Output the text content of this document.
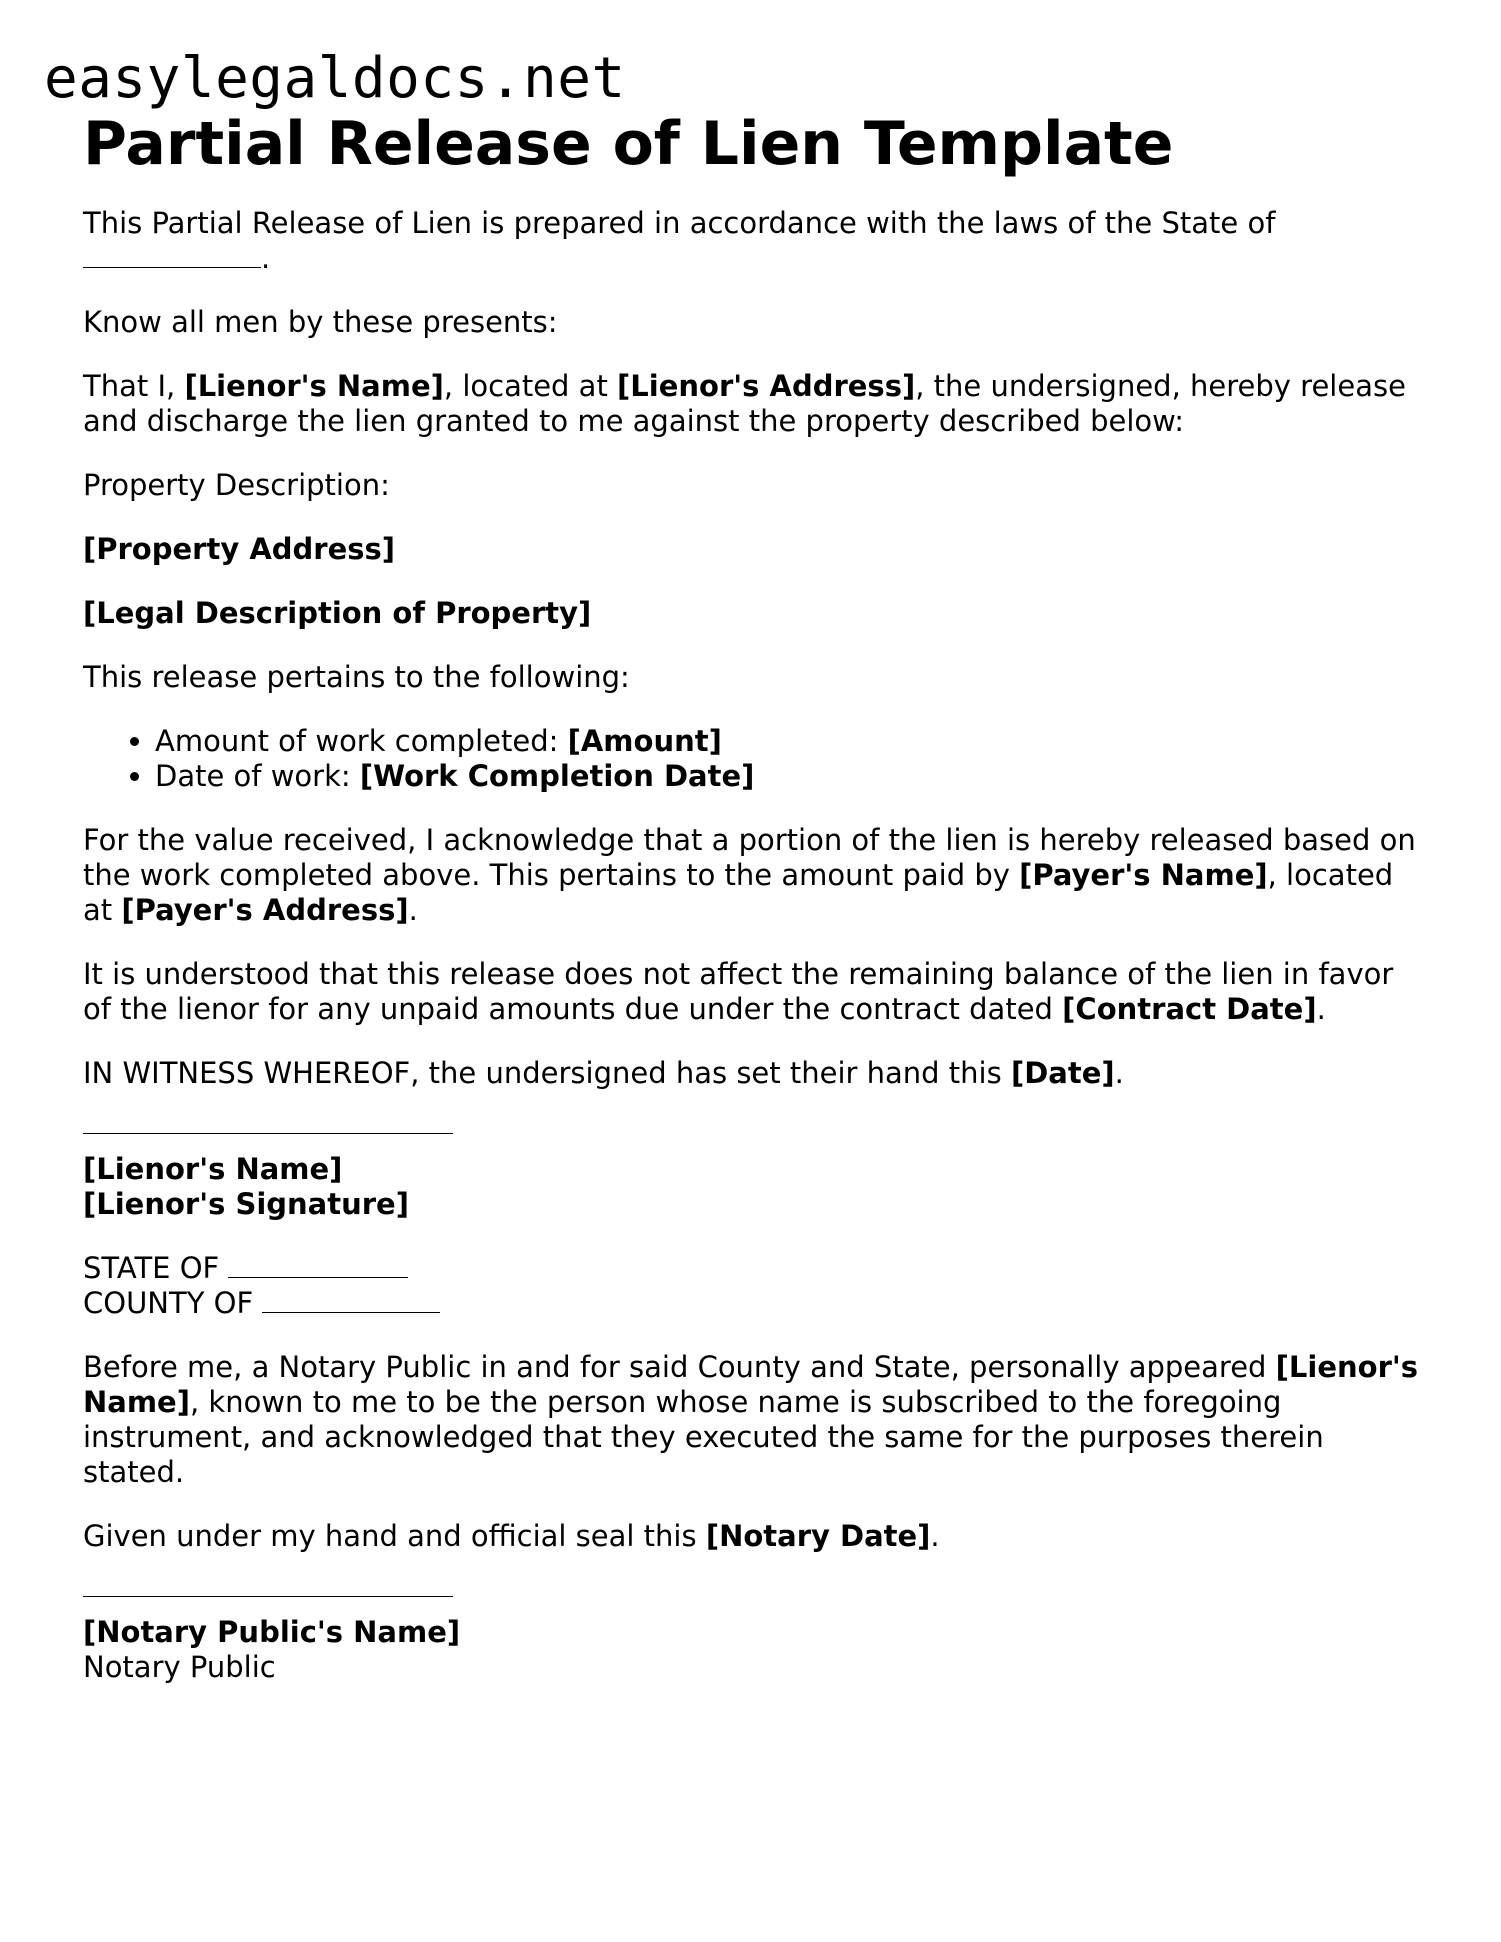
easylegaldocs.net
Partial Release of Lien Template

This Partial Release of Lien is prepared in accordance with the laws of the State of
.

Know all men by these presents:

That I, [Lienor's Name], located at [Lienor's Address], the undersigned, hereby release and discharge the lien granted to me against the property described below:

Property Description:

[Property Address]

[Legal Description of Property]

This release pertains to the following:

• Amount of work completed: [Amount]
• Date of work: [Work Completion Date]

For the value received, I acknowledge that a portion of the lien is hereby released based on the work completed above. This pertains to the amount paid by [Payer's Name], located at [Payer's Address].

It is understood that this release does not affect the remaining balance of the lien in favor of the lienor for any unpaid amounts due under the contract dated [Contract Date].

IN WITNESS WHEREOF, the undersigned has set their hand this [Date].

[Lienor's Name]
[Lienor's Signature]
STATE OF
COUNTY OF

Before me, a Notary Public in and for said County and State, personally appeared [Lienor's Name], known to me to be the person whose name is subscribed to the foregoing instrument, and acknowledged that they executed the same for the purposes therein stated.

Given under my hand and official seal this [Notary Date].

[Notary Public's Name]
Notary Public
